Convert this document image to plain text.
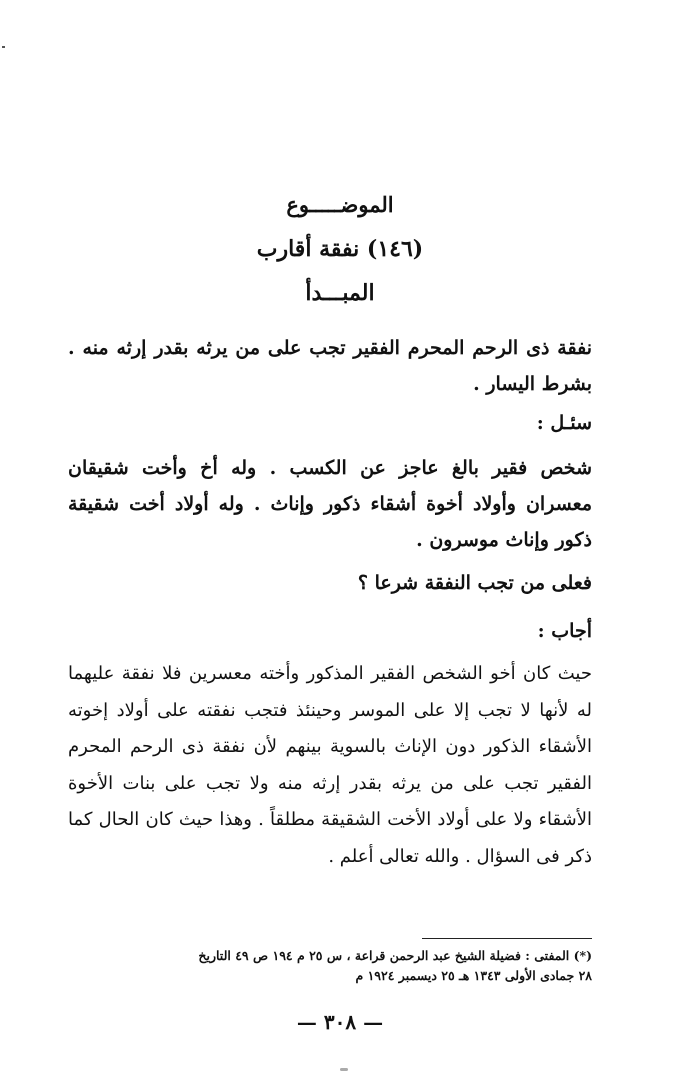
الموضـــــوع
(١٤٦) نفقة أقارب
المبـــدأ
نفقة ذى الرحم المحرم الفقير تجب على من يرثه بقدر إرثه منه . بشرط اليسار .
سئـل :
شخص فقير بالغ عاجز عن الكسب . وله أخ وأخت شقيقان معسران وأولاد أخوة أشقاء ذكور وإناث . وله أولاد أخت شقيقة ذكور وإناث موسرون .
فعلى من تجب النفقة شرعا ؟
أجاب :
حيث كان أخو الشخص الفقير المذكور وأخته معسرين فلا نفقة عليهما له لأنها لا تجب إلا على الموسر وحينئذ فتجب نفقته على أولاد إخوته الأشقاء الذكور دون الإناث بالسوية بينهم لأن نفقة ذى الرحم المحرم الفقير تجب على من يرثه بقدر إرثه منه ولا تجب على بنات الأخوة الأشقاء ولا على أولاد الأخت الشقيقة مطلقاً . وهذا حيث كان الحال كما ذكر فى السؤال . والله تعالى أعلم .
(*) المفتى : فضيلة الشيخ عبد الرحمن قراعة ، س ٢٥ م ١٩٤ ص ٤٩ التاريخ
٢٨ جمادى الأولى ١٣٤٣ هـ ٢٥ ديسمبر ١٩٢٤ م
— ٣٠٨ —
